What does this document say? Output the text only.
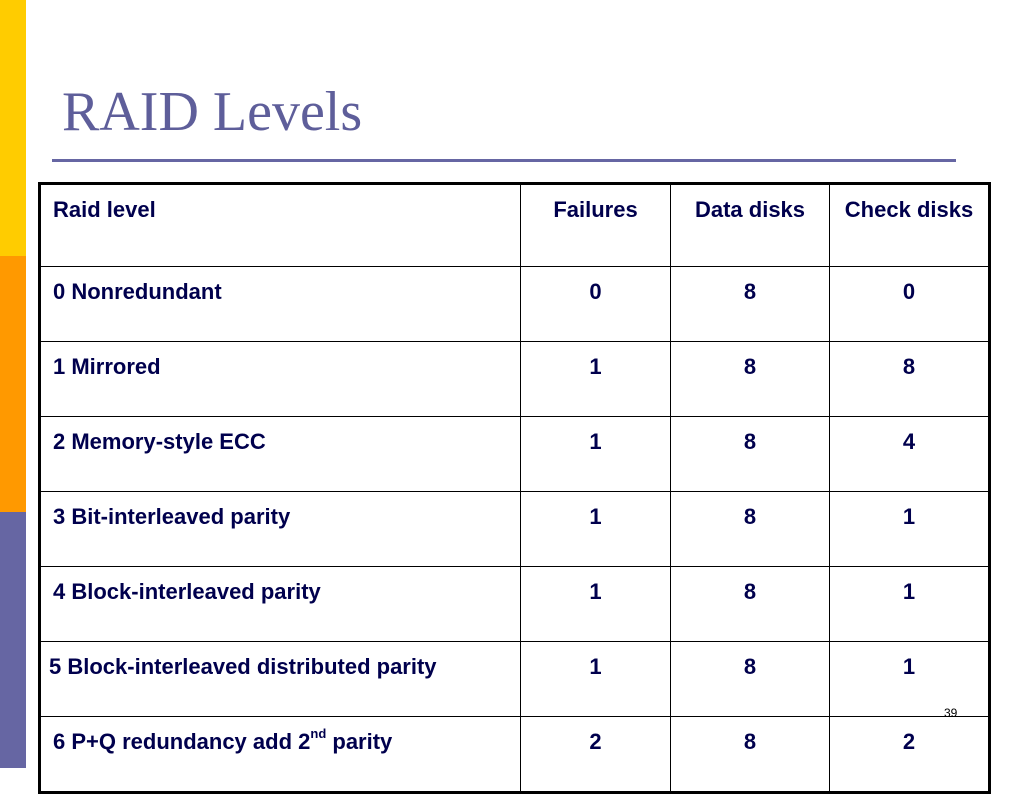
RAID Levels
Raid level	Failures	Data disks	Check disks
0 Nonredundant	0	8	0
1 Mirrored	1	8	8
2 Memory-style ECC	1	8	4
3 Bit-interleaved parity	1	8	1
4 Block-interleaved parity	1	8	1
5 Block-interleaved distributed parity	1	8	1
6 P+Q redundancy add 2nd parity	2	8	2
39
